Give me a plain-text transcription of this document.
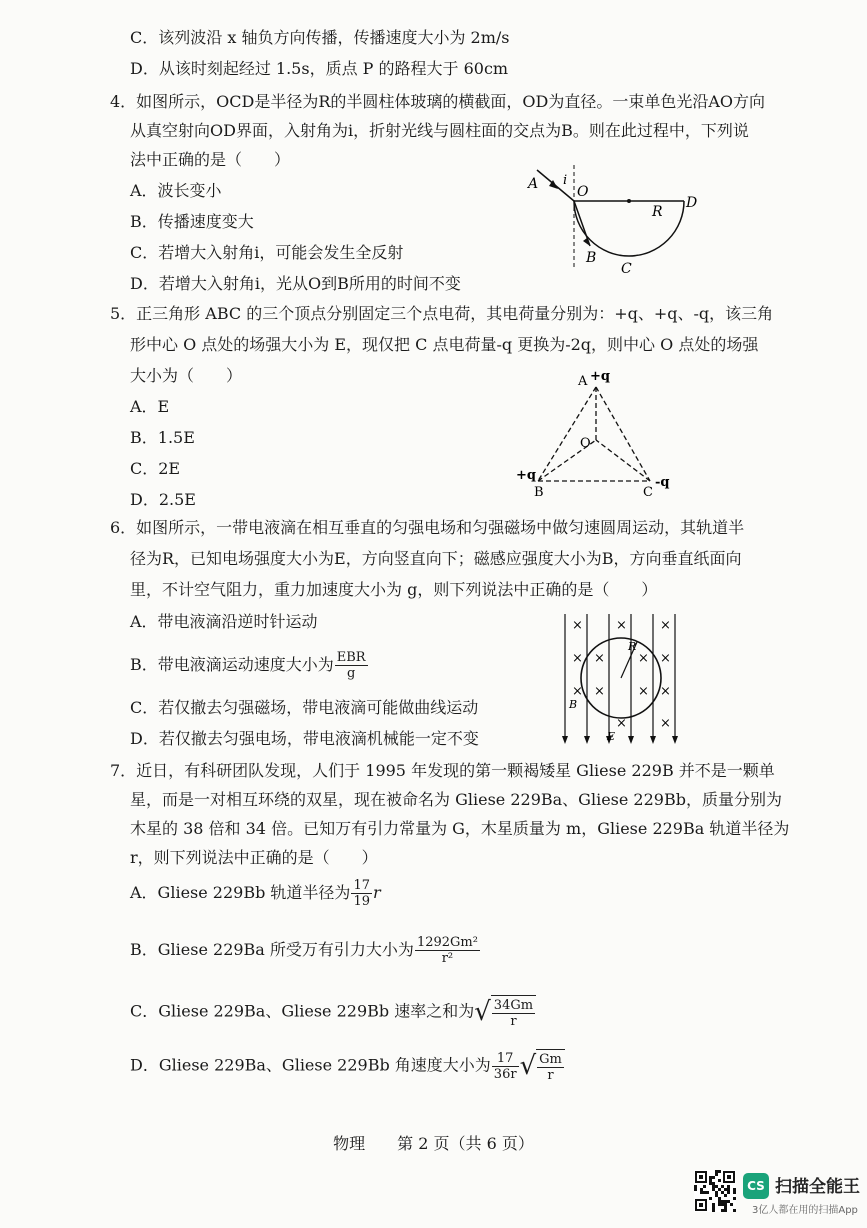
C．该列波沿 x 轴负方向传播，传播速度大小为 2m/s
D．从该时刻起经过 1.5s，质点 P 的路程大于 60cm
4．如图所示，OCD是半径为R的半圆柱体玻璃的横截面，OD为直径。一束单色光沿AO方向
从真空射向OD界面，入射角为i，折射光线与圆柱面的交点为B。则在此过程中，下列说
法中正确的是（　　）
A．波长变小
B．传播速度变大
C．若增大入射角i，可能会发生全反射
D．若增大入射角i，光从O到B所用的时间不变
A i
O
R
D
B
C
5．正三角形 ABC 的三个顶点分别固定三个点电荷，其电荷量分别为：+q、+q、-q，该三角
形中心 O 点处的场强大小为 E，现仅把 C 点电荷量-q 更换为-2q，则中心 O 点处的场强
大小为（　　）
A．E
B．1.5E
C．2E
D．2.5E
A +q
O
+q
B	C
-q
6．如图所示，一带电液滴在相互垂直的匀强电场和匀强磁场中做匀速圆周运动，其轨道半
径为R，已知电场强度大小为E，方向竖直向下；磁感应强度大小为B，方向垂直纸面向
里，不计空气阻力，重力加速度大小为 g，则下列说法中正确的是（　　）
A．带电液滴沿逆时针运动
B．带电液滴运动速度大小为 $\frac{\text{EBR}}{g}$
C．若仅撤去匀强磁场，带电液滴可能做曲线运动
D．若仅撤去匀强电场，带电液滴机械能一定不变
×	×	×
× ×	× ×
× ×	× ×
×	×
R
B
E
7．近日，有科研团队发现，人们于 1995 年发现的第一颗褐矮星 Gliese 229B 并不是一颗单
星，而是一对相互环绕的双星，现在被命名为 Gliese 229Ba、Gliese 229Bb，质量分别为
木星的 38 倍和 34 倍。已知万有引力常量为 G，木星质量为 m，Gliese 229Ba 轨道半径为
r，则下列说法中正确的是（　　）
A．Gliese 229Bb 轨道半径为 $\frac{17}{19}$ r
B．Gliese 229Ba 所受万有引力大小为 $\frac{\text{1292Gm²}}{\text{r²}}$
C．Gliese 229Ba、Gliese 229Bb 速率之和为√ $\frac{34Gm}{r}$
D．Gliese 229Ba、Gliese 229Bb 角速度大小为 $\frac{17}{36r}$ √ $\frac{Gm}{r}$
物理　　第 2 页（共 6 页）
CS 扫描全能王
3亿人都在用的扫描App
